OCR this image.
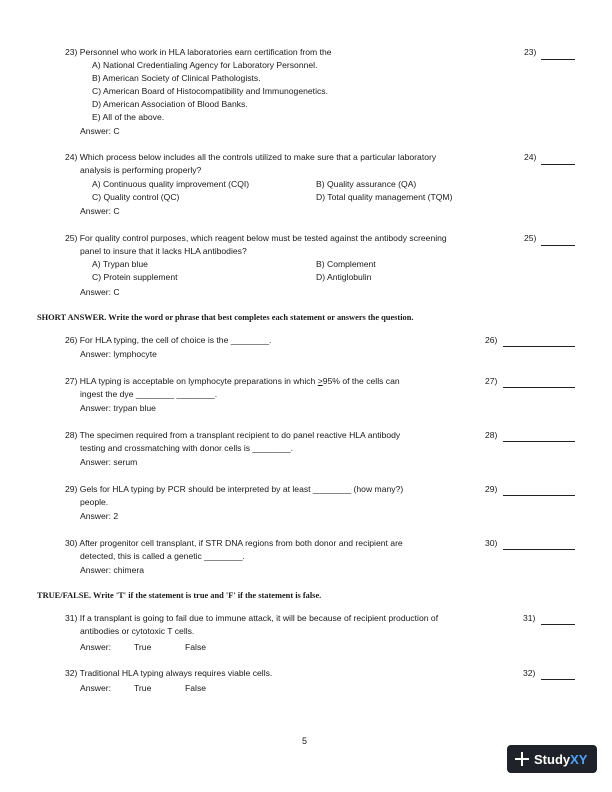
23) Personnel who work in HLA laboratories earn certification from the	23)
A) National Credentialing Agency for Laboratory Personnel.
B) American Society of Clinical Pathologists.
C) American Board of Histocompatibility and Immunogenetics.
D) American Association of Blood Banks.
E) All of the above.
Answer: C
24) Which process below includes all the controls utilized to make sure that a particular laboratory
analysis is performing properly?
24)
A) Continuous quality improvement (CQI)	B) Quality assurance (QA)
C) Quality control (QC)	D) Total quality management (TQM)
Answer: C
25) For quality control purposes, which reagent below must be tested against the antibody screening
panel to insure that it lacks HLA antibodies?
25)
A) Trypan blue	B) Complement
C) Protein supplement	D) Antiglobulin
Answer: C
SHORT ANSWER. Write the word or phrase that best completes each statement or answers the question.
26) For HLA typing, the cell of choice is the ________.	26)
Answer: lymphocyte
27) HLA typing is acceptable on lymphocyte preparations in which >95% of the cells can
ingest the dye ________ ________.
27)
Answer: trypan blue
28) The specimen required from a transplant recipient to do panel reactive HLA antibody
testing and crossmatching with donor cells is ________.
28)
Answer: serum
29) Gels for HLA typing by PCR should be interpreted by at least ________ (how many?)
people.
29)
Answer: 2
30) After progenitor cell transplant, if STR DNA regions from both donor and recipient are
detected, this is called a genetic ________.
30)
Answer: chimera
TRUE/FALSE. Write 'T' if the statement is true and 'F' if the statement is false.
31) If a transplant is going to fail due to immune attack, it will be because of recipient production of
antibodies or cytotoxic T cells.
31)
Answer:	True	False
32) Traditional HLA typing always requires viable cells.	32)
Answer:	True	False
5
StudyXY
